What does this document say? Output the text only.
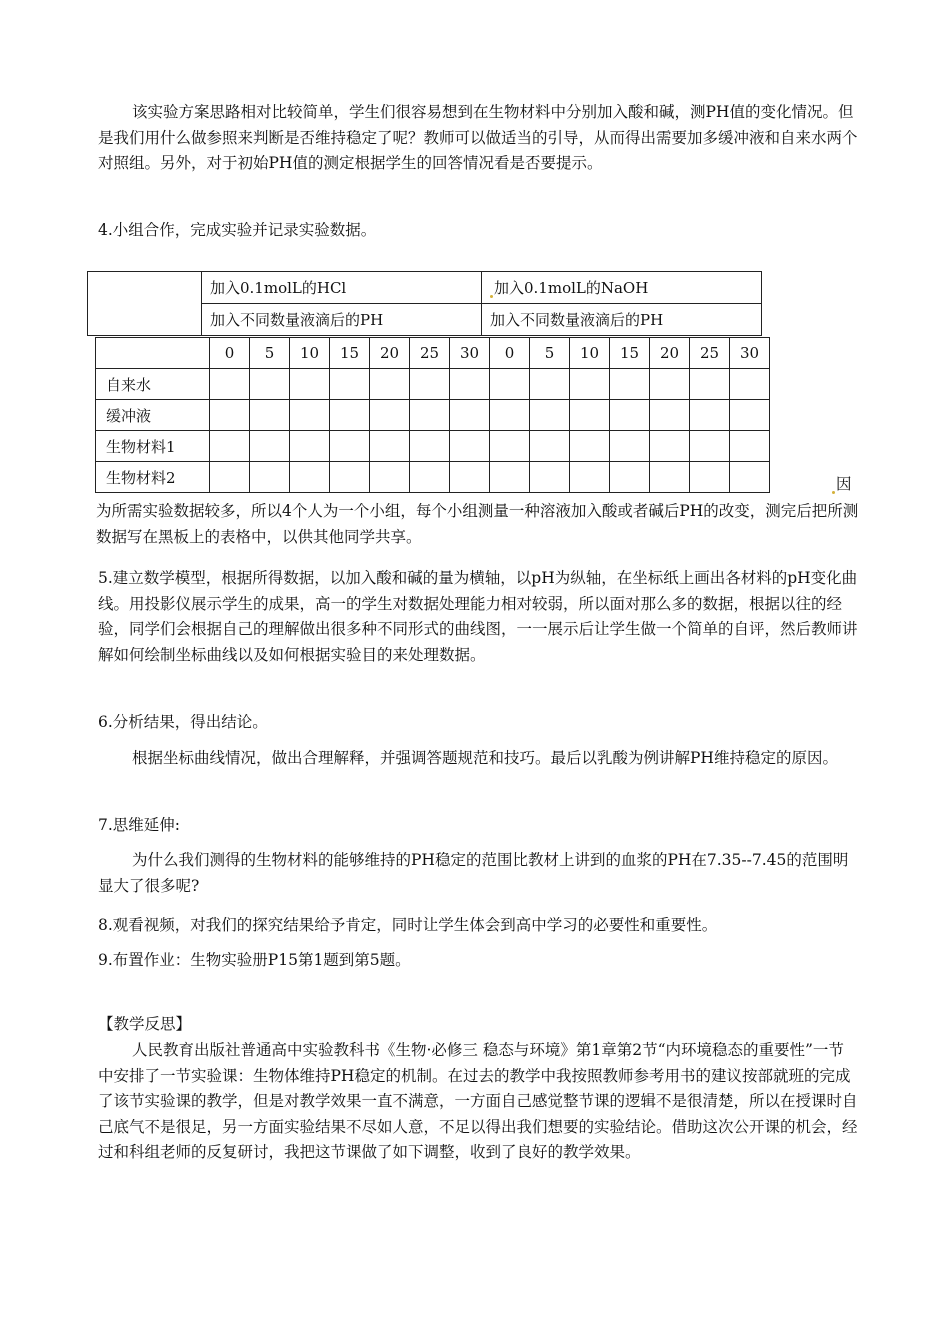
该实验方案思路相对比较简单，学生们很容易想到在生物材料中分别加入酸和碱，测PH值的变化情况。但是我们用什么做参照来判断是否维持稳定了呢？教师可以做适当的引导，从而得出需要加多缓冲液和自来水两个对照组。另外，对于初始PH值的测定根据学生的回答情况看是否要提示。

4.小组合作，完成实验并记录实验数据。

	加入0.1molL的HCl	加入0.1molL的NaOH
	加入不同数量液滴后的PH	加入不同数量液滴后的PH
	0	5	10	15	20	25	30	0	5	10	15	20	25	30
自来水														
缓冲液														
生物材料1														
生物材料2															因

为所需实验数据较多，所以4个人为一个小组，每个小组测量一种溶液加入酸或者碱后PH的改变，测完后把所测数据写在黑板上的表格中，以供其他同学共享。

5.建立数学模型，根据所得数据，以加入酸和碱的量为横轴，以pH为纵轴，在坐标纸上画出各材料的pH变化曲线。用投影仪展示学生的成果，高一的学生对数据处理能力相对较弱，所以面对那么多的数据，根据以往的经验，同学们会根据自己的理解做出很多种不同形式的曲线图，一一展示后让学生做一个简单的自评，然后教师讲解如何绘制坐标曲线以及如何根据实验目的来处理数据。

6.分析结果，得出结论。

根据坐标曲线情况，做出合理解释，并强调答题规范和技巧。最后以乳酸为例讲解PH维持稳定的原因。

7.思维延伸:

为什么我们测得的生物材料的能够维持的PH稳定的范围比教材上讲到的血浆的PH在7.35--7.45的范围明显大了很多呢?

8.观看视频，对我们的探究结果给予肯定，同时让学生体会到高中学习的必要性和重要性。

9.布置作业：生物实验册P15第1题到第5题。

【教学反思】

人民教育出版社普通高中实验教科书《生物·必修三 稳态与环境》第1章第2节“内环境稳态的重要性”一节中安排了一节实验课：生物体维持PH稳定的机制。在过去的教学中我按照教师参考用书的建议按部就班的完成了该节实验课的教学，但是对教学效果一直不满意，一方面自己感觉整节课的逻辑不是很清楚，所以在授课时自己底气不是很足，另一方面实验结果不尽如人意，不足以得出我们想要的实验结论。借助这次公开课的机会，经过和科组老师的反复研讨，我把这节课做了如下调整，收到了良好的教学效果。
